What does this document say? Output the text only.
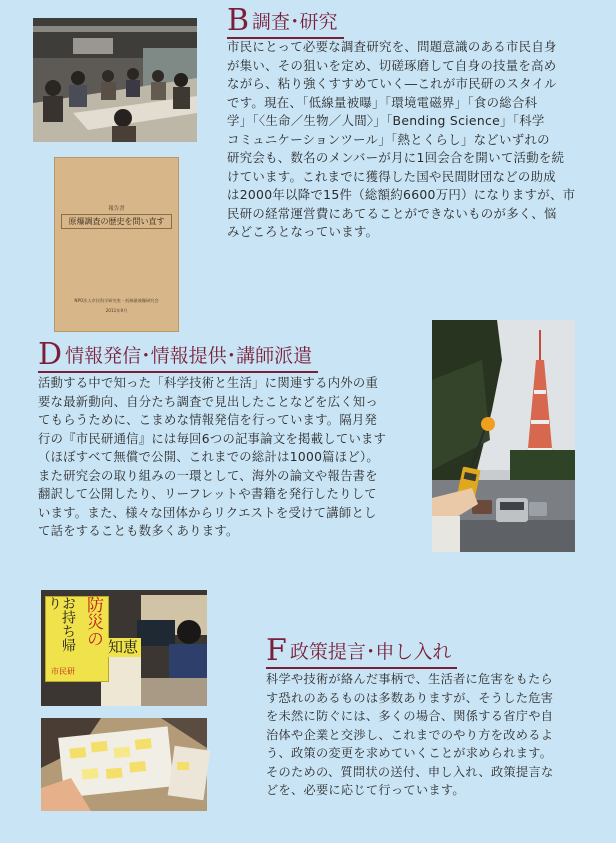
報告書
原爆調査の歴史を問い直す
NPO法人市民科学研究室・低線量被曝研究会
2011年9月
B調査･研究
市民にとって必要な調査研究を、問題意識のある市民自身
が集い、その狙いを定め、切磋琢磨して自身の技量を高め
ながら、粘り強くすすめていく―これが市民研のスタイル
です。現在、「低線量被曝」「環境電磁界」「食の総合科
学」「〈生命／生物／人間〉」「Bending Science」「科学
コミュニケーションツール」「熱とくらし」などいずれの
研究会も、数名のメンバーが月に1回会合を開いて活動を続
けています。これまでに獲得した国や民間財団などの助成
は2000年以降で15件（総額約6600万円）になりますが、市
民研の経常運営費にあてることができないものが多く、悩
みどころとなっています。
D情報発信･情報提供･講師派遣
活動する中で知った「科学技術と生活」に関連する内外の重
要な最新動向、自分たち調査で見出したことなどを広く知っ
てもらうために、こまめな情報発信を行っています。隔月発
行の『市民研通信』には毎回6つの記事論文を掲載しています
（ほぼすべて無償で公開、これまでの総計は1000篇ほど）。
また研究会の取り組みの一環として、海外の論文や報告書を
翻訳して公開したり、リーフレットや書籍を発行したりして
います。また、様々な団体からリクエストを受けて講師とし
て話をすることも数多くあります。
防災の
お持ち帰り
知恵
市民研
F政策提言･申し入れ
科学や技術が絡んだ事柄で、生活者に危害をもたら
す恐れのあるものは多数ありますが、そうした危害
を未然に防ぐには、多くの場合、関係する省庁や自
治体や企業と交渉し、これまでのやり方を改めるよ
う、政策の変更を求めていくことが求められます。
そのための、質問状の送付、申し入れ、政策提言な
どを、必要に応じて行っています。
